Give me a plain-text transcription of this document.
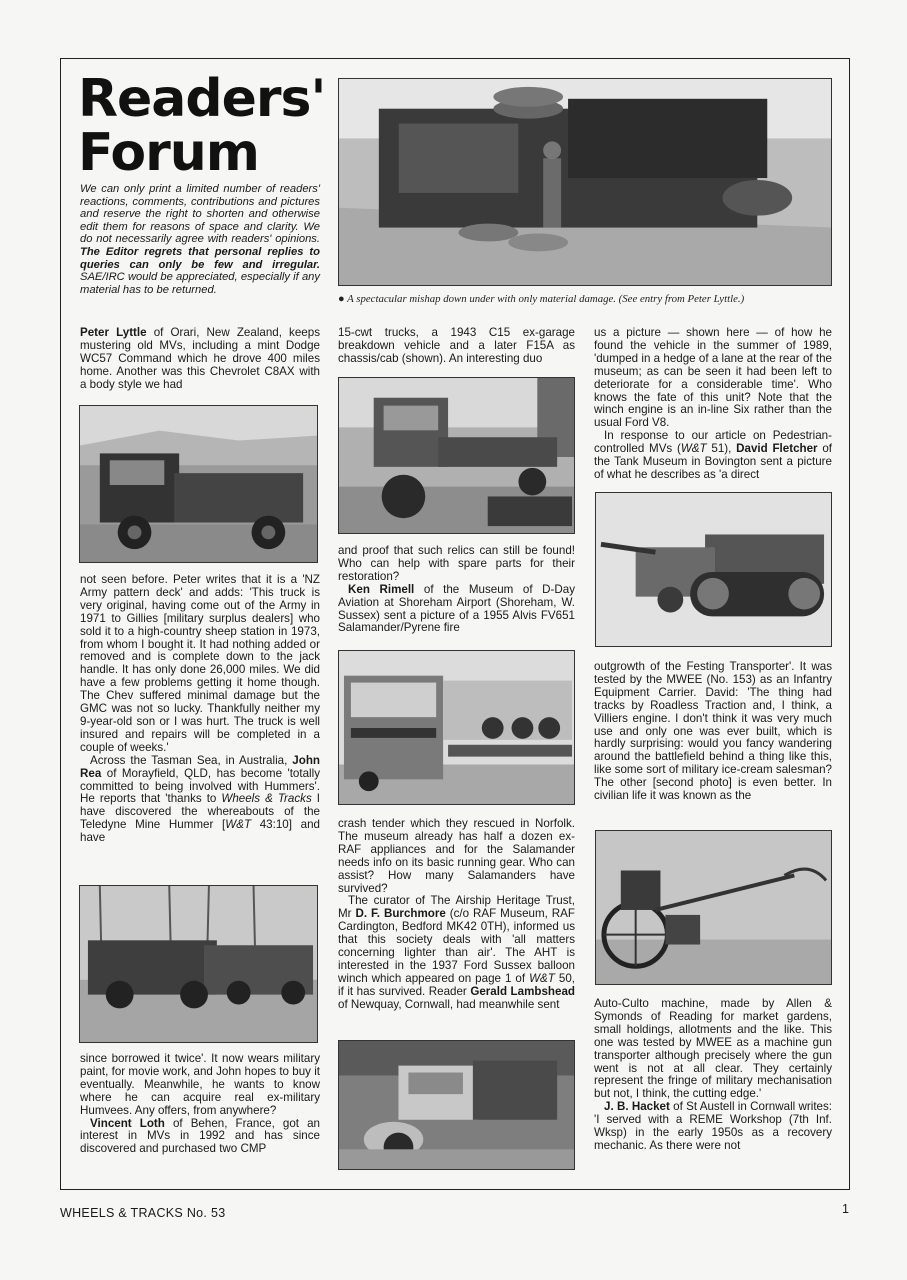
Readers'
Forum
We can only print a limited number of readers' reactions, comments, contributions and pictures and reserve the right to shorten and otherwise edit them for reasons of space and clarity. We do not necessarily agree with readers' opinions. The Editor regrets that personal replies to queries can only be few and irregular. SAE/IRC would be appreciated, especially if any material has to be returned.
● A spectacular mishap down under with only material damage. (See entry from Peter Lyttle.)

Peter Lyttle of Orari, New Zealand, keeps mustering old MVs, including a mint Dodge WC57 Command which he drove 400 miles home. Another was this Chevrolet C8AX with a body style we had

not seen before. Peter writes that it is a 'NZ Army pattern deck' and adds: 'This truck is very original, having come out of the Army in 1971 to Gillies [military surplus dealers] who sold it to a high-country sheep station in 1973, from whom I bought it. It had nothing added or removed and is complete down to the jack handle. It has only done 26,000 miles. We did have a few problems getting it home though. The Chev suffered minimal damage but the GMC was not so lucky. Thankfully neither my 9-year-old son or I was hurt. The truck is well insured and repairs will be completed in a couple of weeks.'

Across the Tasman Sea, in Australia, John Rea of Morayfield, QLD, has become 'totally committed to being involved with Hummers'. He reports that 'thanks to Wheels & Tracks I have discovered the whereabouts of the Teledyne Mine Hummer [W&T 43:10] and have

since borrowed it twice'. It now wears military paint, for movie work, and John hopes to buy it eventually. Meanwhile, he wants to know where he can acquire real ex-military Humvees. Any offers, from anywhere?

Vincent Loth of Behen, France, got an interest in MVs in 1992 and has since discovered and purchased two CMP

15-cwt trucks, a 1943 C15 ex-garage breakdown vehicle and a later F15A as chassis/cab (shown). An interesting duo

and proof that such relics can still be found! Who can help with spare parts for their restoration?

Ken Rimell of the Museum of D-Day Aviation at Shoreham Airport (Shoreham, W. Sussex) sent a picture of a 1955 Alvis FV651 Salamander/Pyrene fire

crash tender which they rescued in Norfolk. The museum already has half a dozen ex-RAF appliances and for the Salamander needs info on its basic running gear. Who can assist? How many Salamanders have survived?

The curator of The Airship Heritage Trust, Mr D. F. Burchmore (c/o RAF Museum, RAF Cardington, Bedford MK42 0TH), informed us that this society deals with 'all matters concerning lighter than air'. The AHT is interested in the 1937 Ford Sussex balloon winch which appeared on page 1 of W&T 50, if it has survived. Reader Gerald Lambshead of Newquay, Cornwall, had meanwhile sent

us a picture — shown here — of how he found the vehicle in the summer of 1989, 'dumped in a hedge of a lane at the rear of the museum; as can be seen it had been left to deteriorate for a considerable time'. Who knows the fate of this unit? Note that the winch engine is an in-line Six rather than the usual Ford V8.

In response to our article on Pedestrian-controlled MVs (W&T 51), David Fletcher of the Tank Museum in Bovington sent a picture of what he describes as 'a direct

outgrowth of the Festing Transporter'. It was tested by the MWEE (No. 153) as an Infantry Equipment Carrier. David: 'The thing had tracks by Roadless Traction and, I think, a Villiers engine. I don't think it was very much use and only one was ever built, which is hardly surprising: would you fancy wandering around the battlefield behind a thing like this, like some sort of military ice-cream salesman? The other [second photo] is even better. In civilian life it was known as the

Auto-Culto machine, made by Allen & Symonds of Reading for market gardens, small holdings, allotments and the like. This one was tested by MWEE as a machine gun transporter although precisely where the gun went is not at all clear. They certainly represent the fringe of military mechanisation but not, I think, the cutting edge.'

J. B. Hacket of St Austell in Cornwall writes: 'I served with a REME Workshop (7th Inf. Wksp) in the early 1950s as a recovery mechanic. As there were not

WHEELS & TRACKS No. 53	1
